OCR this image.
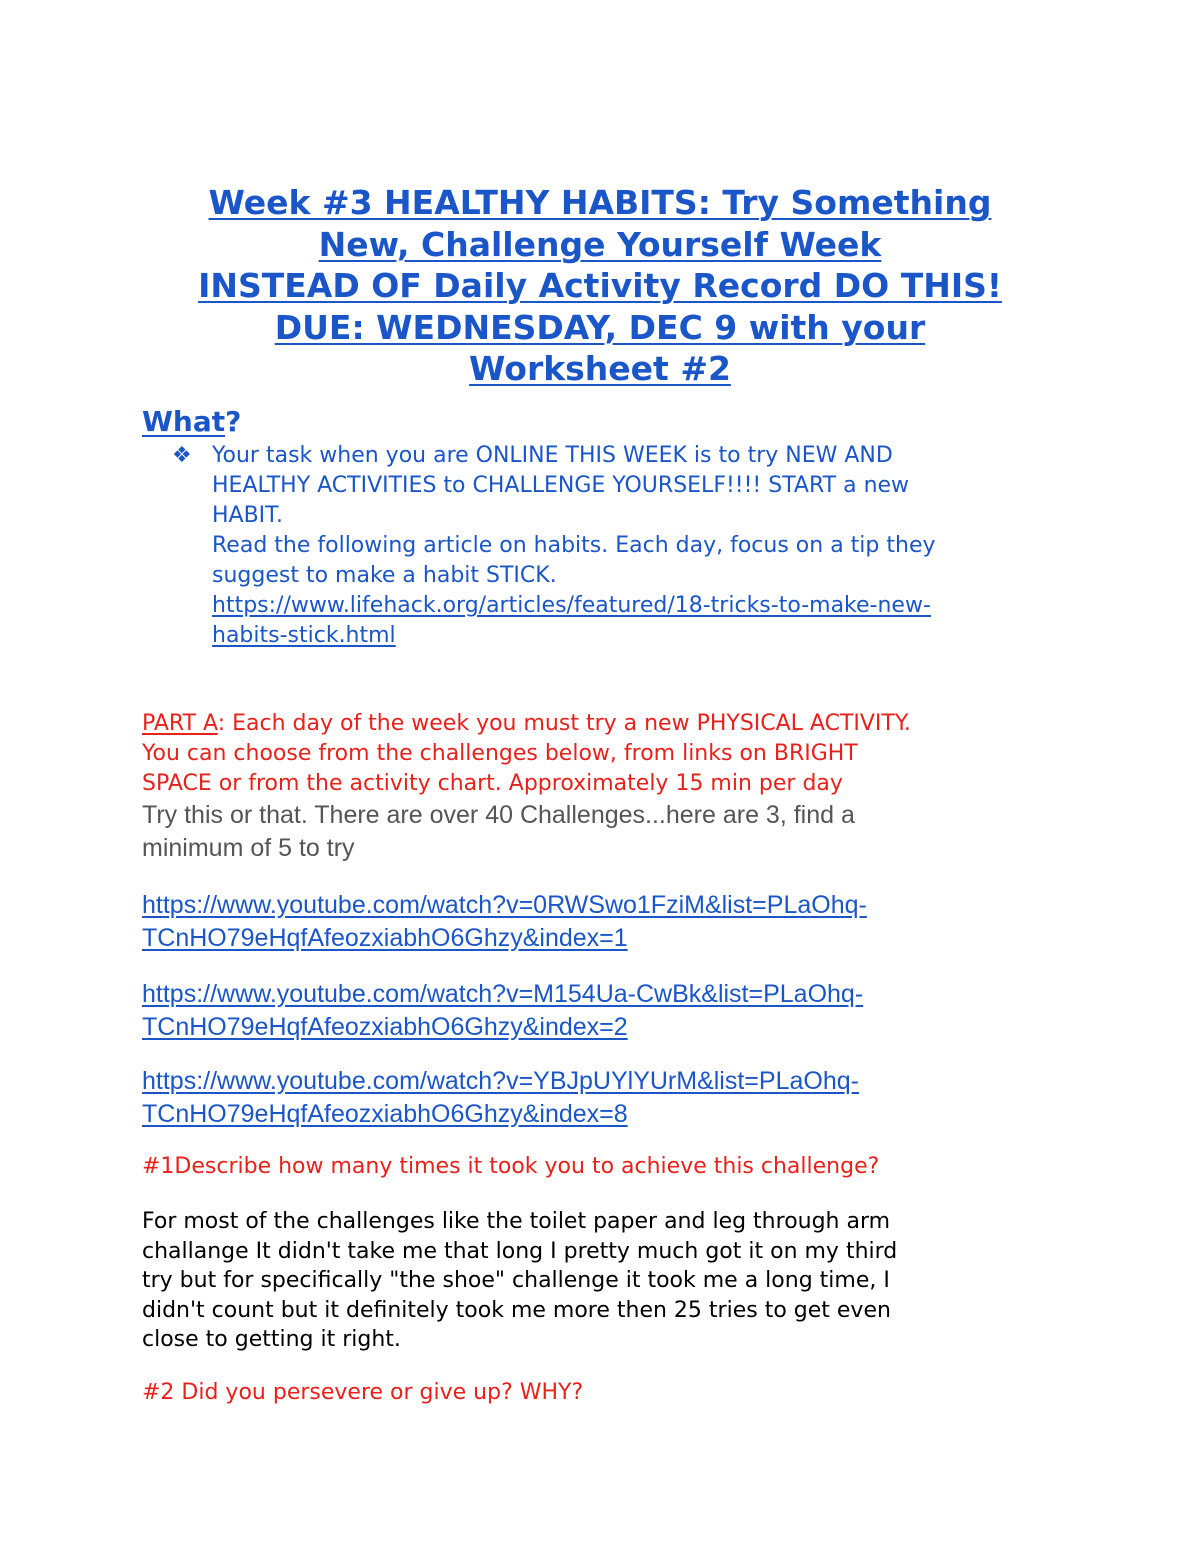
Week #3 HEALTHY HABITS: Try Something
New, Challenge Yourself Week
INSTEAD OF Daily Activity Record DO THIS!
DUE: WEDNESDAY, DEC 9 with your
Worksheet #2
What?
❖ Your task when you are ONLINE THIS WEEK is to try NEW AND

HEALTHY ACTIVITIES to CHALLENGE YOURSELF!!!! START a new

HABIT.

Read the following article on habits. Each day, focus on a tip they

suggest to make a habit STICK.

https://www.lifehack.org/articles/featured/18-tricks-to-make-new-
habits-stick.html

PART A: Each day of the week you must try a new PHYSICAL ACTIVITY.
You can choose from the challenges below, from links on BRIGHT
SPACE or from the activity chart. Approximately 15 min per day
Try this or that. There are over 40 Challenges...here are 3, find a
minimum of 5 to try
https://www.youtube.com/watch?v=0RWSwo1FziM&list=PLaOhq-
TCnHO79eHqfAfeozxiabhO6Ghzy&index=1
https://www.youtube.com/watch?v=M154Ua-CwBk&list=PLaOhq-
TCnHO79eHqfAfeozxiabhO6Ghzy&index=2
https://www.youtube.com/watch?v=YBJpUYlYUrM&list=PLaOhq-
TCnHO79eHqfAfeozxiabhO6Ghzy&index=8
#1Describe how many times it took you to achieve this challenge?
For most of the challenges like the toilet paper and leg through arm
challange It didn't take me that long I pretty much got it on my third
try but for specifically "the shoe" challenge it took me a long time, I
didn't count but it definitely took me more then 25 tries to get even
close to getting it right.
#2 Did you persevere or give up? WHY?
